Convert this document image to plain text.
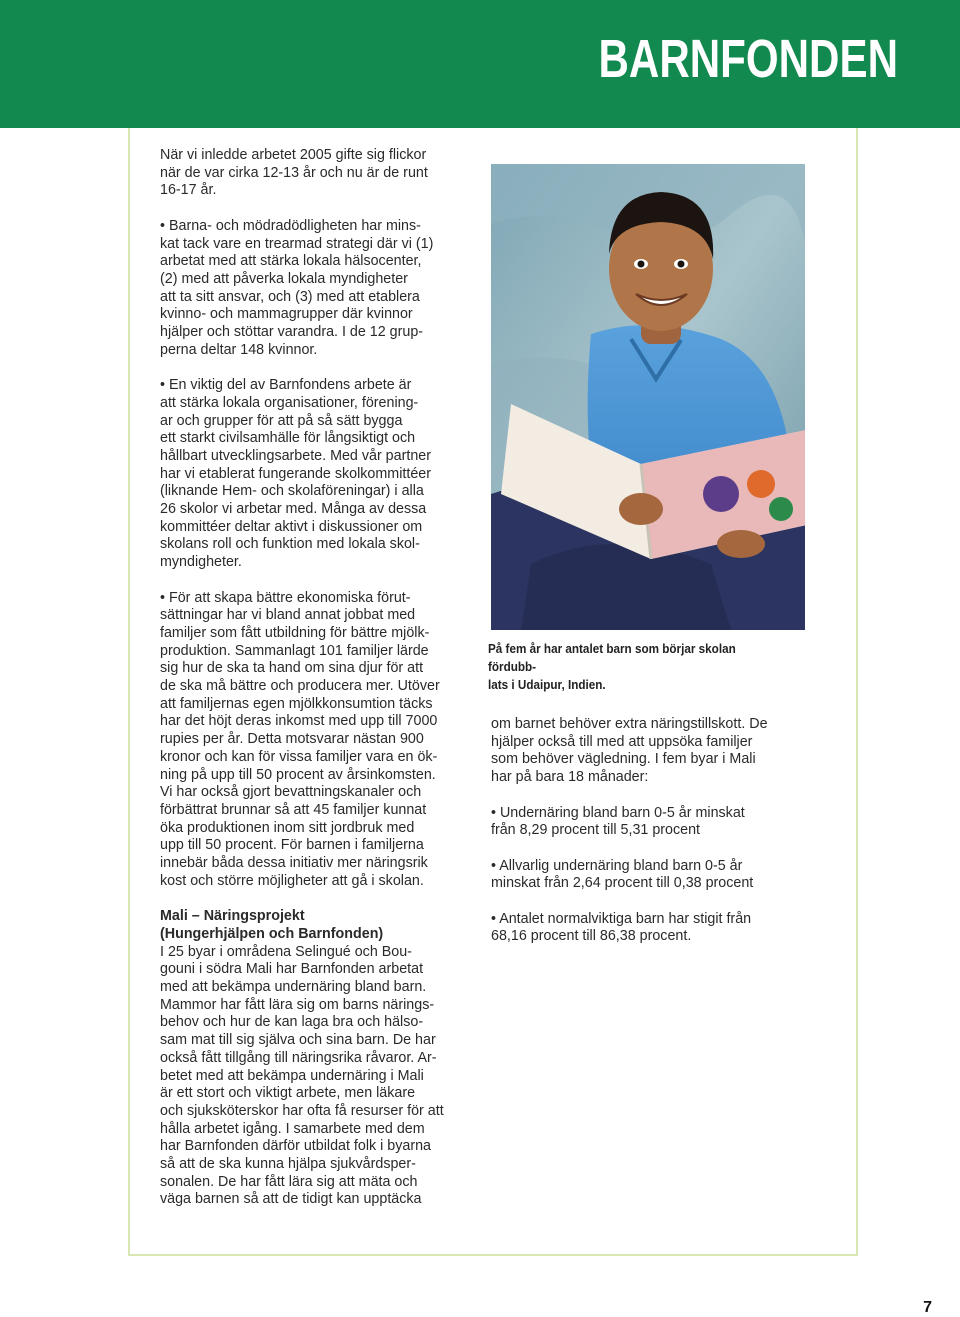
BARNFONDEN

När vi inledde arbetet 2005 gifte sig flickor
när de var cirka 12-13 år och nu är de runt
16-17 år.

• Barna- och mödradödligheten har mins-
kat tack vare en trearmad strategi där vi (1)
arbetat med att stärka lokala hälsocenter,
(2) med att påverka lokala myndigheter
att ta sitt ansvar, och (3) med att etablera
kvinno- och mammagrupper där kvinnor
hjälper och stöttar varandra. I de 12 grup-
perna deltar 148 kvinnor.

• En viktig del av Barnfondens arbete är
att stärka lokala organisationer, förening-
ar och grupper för att på så sätt bygga
ett starkt civilsamhälle för långsiktigt och
hållbart utvecklingsarbete. Med vår partner
har vi etablerat fungerande skolkommittéer
(liknande Hem- och skolaföreningar) i alla
26 skolor vi arbetar med. Många av dessa
kommittéer deltar aktivt i diskussioner om
skolans roll och funktion med lokala skol-
myndigheter.

• För att skapa bättre ekonomiska förut-
sättningar har vi bland annat jobbat med
familjer som fått utbildning för bättre mjölk-
produktion. Sammanlagt 101 familjer lärde
sig hur de ska ta hand om sina djur för att
de ska må bättre och producera mer. Utöver
att familjernas egen mjölkkonsumtion täcks
har det höjt deras inkomst med upp till 7000
rupies per år. Detta motsvarar nästan 900
kronor och kan för vissa familjer vara en ök-
ning på upp till 50 procent av årsinkomsten.
Vi har också gjort bevattningskanaler och
förbättrat brunnar så att 45 familjer kunnat
öka produktionen inom sitt jordbruk med
upp till 50 procent. För barnen i familjerna
innebär båda dessa initiativ mer näringsrik
kost och större möjligheter att gå i skolan.

Mali – Näringsprojekt
(Hungerhjälpen och Barnfonden)

I 25 byar i områdena Selingué och Bou-
gouni i södra Mali har Barnfonden arbetat
med att bekämpa undernäring bland barn.
Mammor har fått lära sig om barns närings-
behov och hur de kan laga bra och hälso-
sam mat till sig själva och sina barn. De har
också fått tillgång till näringsrika råvaror. Ar-
betet med att bekämpa undernäring i Mali
är ett stort och viktigt arbete, men läkare
och sjuksköterskor har ofta få resurser för att
hålla arbetet igång. I samarbete med dem
har Barnfonden därför utbildat folk i byarna
så att de ska kunna hjälpa sjukvårdsper-
sonalen. De har fått lära sig att mäta och
väga barnen så att de tidigt kan upptäcka

På fem år har antalet barn som börjar skolan fördubb-
lats i Udaipur, Indien.

om barnet behöver extra näringstillskott. De
hjälper också till med att uppsöka familjer
som behöver vägledning. I fem byar i Mali
har på bara 18 månader:

• Undernäring bland barn 0-5 år minskat
från 8,29 procent till 5,31 procent

• Allvarlig undernäring bland barn 0-5 år
minskat från 2,64 procent till 0,38 procent

• Antalet normalviktiga barn har stigit från
68,16 procent till 86,38 procent.

7
